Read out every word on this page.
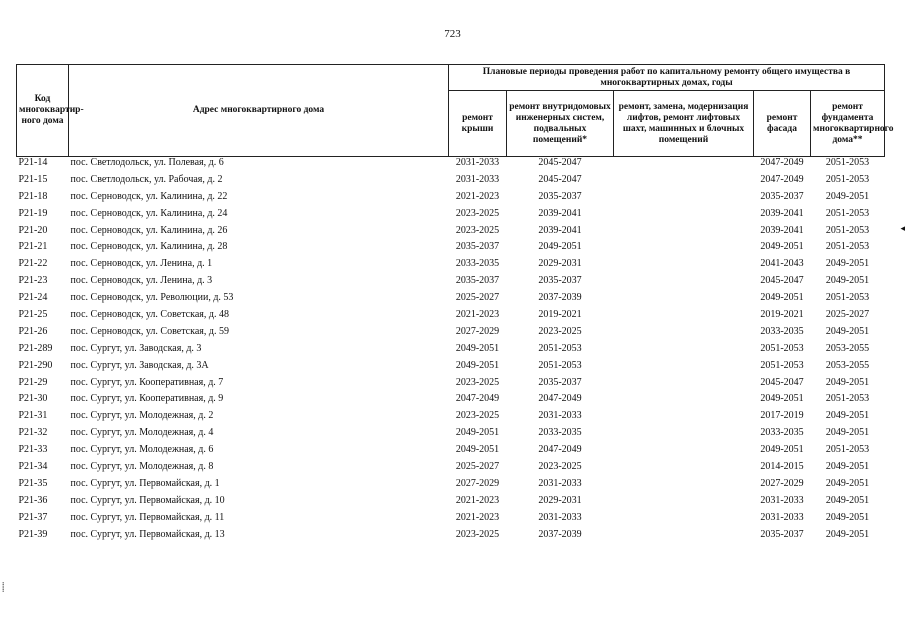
723
Код многоквартир-ного дома	Адрес многоквартирного дома	Плановые периоды проведения работ по капитальному ремонту общего имущества в многоквартирных домах, годы				
		ремонт крыши	ремонт внутридомовых инженерных систем, подвальных помещений*	ремонт, замена, модернизация лифтов, ремонт лифтовых шахт, машинных и блочных помещений	ремонт фасада	ремонт фундамента многоквартирного дома**
Р21-14	пос. Светлодольск, ул. Полевая, д. 6	2031-2033	2045-2047		2047-2049	2051-2053
Р21-15	пос. Светлодольск, ул. Рабочая, д. 2	2031-2033	2045-2047		2047-2049	2051-2053
Р21-18	пос. Серноводск, ул. Калинина, д. 22	2021-2023	2035-2037		2035-2037	2049-2051
Р21-19	пос. Серноводск, ул. Калинина, д. 24	2023-2025	2039-2041		2039-2041	2051-2053
Р21-20	пос. Серноводск, ул. Калинина, д. 26	2023-2025	2039-2041		2039-2041	2051-2053
Р21-21	пос. Серноводск, ул. Калинина, д. 28	2035-2037	2049-2051		2049-2051	2051-2053
Р21-22	пос. Серноводск, ул. Ленина, д. 1	2033-2035	2029-2031		2041-2043	2049-2051
Р21-23	пос. Серноводск, ул. Ленина, д. 3	2035-2037	2035-2037		2045-2047	2049-2051
Р21-24	пос. Серноводск, ул. Революции, д. 53	2025-2027	2037-2039		2049-2051	2051-2053
Р21-25	пос. Серноводск, ул. Советская, д. 48	2021-2023	2019-2021		2019-2021	2025-2027
Р21-26	пос. Серноводск, ул. Советская, д. 59	2027-2029	2023-2025		2033-2035	2049-2051
Р21-289	пос. Сургут, ул. Заводская, д. 3	2049-2051	2051-2053		2051-2053	2053-2055
Р21-290	пос. Сургут, ул. Заводская, д. 3А	2049-2051	2051-2053		2051-2053	2053-2055
Р21-29	пос. Сургут, ул. Кооперативная, д. 7	2023-2025	2035-2037		2045-2047	2049-2051
Р21-30	пос. Сургут, ул. Кооперативная, д. 9	2047-2049	2047-2049		2049-2051	2051-2053
Р21-31	пос. Сургут, ул. Молодежная, д. 2	2023-2025	2031-2033		2017-2019	2049-2051
Р21-32	пос. Сургут, ул. Молодежная, д. 4	2049-2051	2033-2035		2033-2035	2049-2051
Р21-33	пос. Сургут, ул. Молодежная, д. 6	2049-2051	2047-2049		2049-2051	2051-2053
Р21-34	пос. Сургут, ул. Молодежная, д. 8	2025-2027	2023-2025		2014-2015	2049-2051
Р21-35	пос. Сургут, ул. Первомайская, д. 1	2027-2029	2031-2033		2027-2029	2049-2051
Р21-36	пос. Сургут, ул. Первомайская, д. 10	2021-2023	2029-2031		2031-2033	2049-2051
Р21-37	пос. Сургут, ул. Первомайская, д. 11	2021-2023	2031-2033		2031-2033	2049-2051
Р21-39	пос. Сургут, ул. Первомайская, д. 13	2023-2025	2037-2039		2035-2037	2049-2051
◂
⸽
